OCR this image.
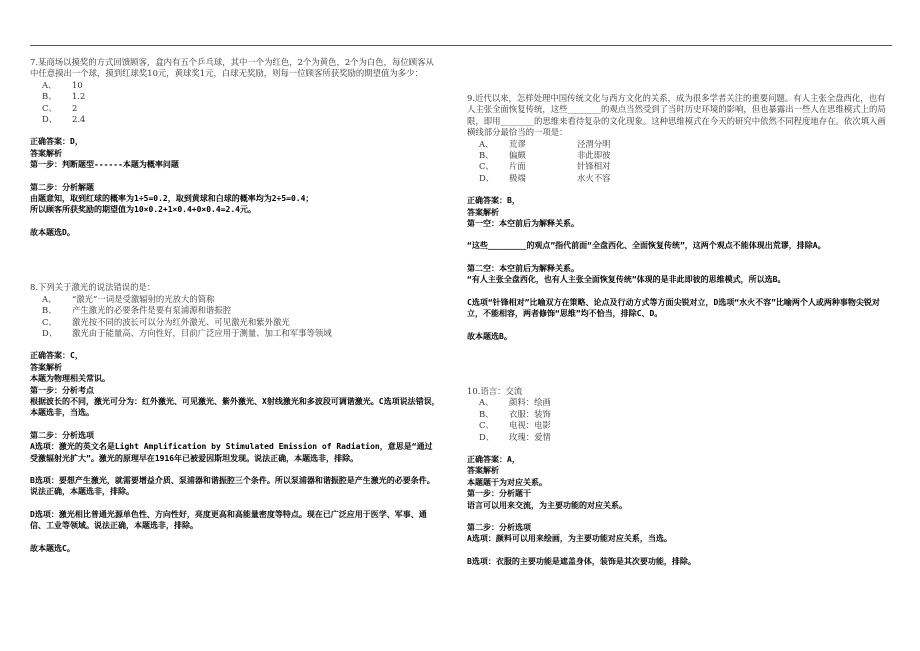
7.某商场以摸奖的方式回馈顾客，盒内有五个乒乓球，其中一个为红色，2个为黄色，2个为白色，每位顾客从中任意摸出一个球，摸到红球奖10元，黄球奖1元，白球无奖励，则每一位顾客所获奖励的期望值为多少：

A、	10
B、	1.2
C、	2
D、	2.4

正确答案：D，

答案解析

第一步：判断题型------本题为概率问题

第二步：分析解题

由题意知，取到红球的概率为1÷5=0.2，取到黄球和白球的概率均为2÷5=0.4；

所以顾客所获奖励的期望值为10×0.2+1×0.4+0×0.4=2.4元。

故本题选D。

8.下列关于激光的说法错误的是：

A、	“激光”一词是受激辐射的光放大的简称
B、	产生激光的必要条件是要有泵浦源和谐振腔
C、	激光按不同的波长可以分为红外激光、可见激光和紫外激光
D、	激光由于能量高、方向性好，目前广泛应用于测量、加工和军事等领域

正确答案：C，

答案解析

本题为物理相关常识。

第一步：分析考点

根据波长的不同，激光可分为：红外激光、可见激光、紫外激光、X射线激光和多波段可调谐激光。C选项说法错误，本题选非，当选。

第二步：分析选项

A选项：激光的英文名是Light Amplification by Stimulated Emission of Radiation，意思是“通过受激辐射光扩大”。激光的原理早在1916年已被爱因斯坦发现。说法正确，本题选非，排除。

B选项：要想产生激光，就需要增益介质、泵浦器和谐振腔三个条件。所以泵浦器和谐振腔是产生激光的必要条件。说法正确，本题选非，排除。

D选项：激光相比普通光源单色性、方向性好，亮度更高和高能量密度等特点。现在已广泛应用于医学、军事、通信、工业等领域。说法正确，本题选非，排除。

故本题选C。

9.近代以来，怎样处理中国传统文化与西方文化的关系，成为很多学者关注的重要问题。有人主张全盘西化，也有人主张全面恢复传统，这些________的观点当然受到了当时历史环境的影响，但也暴露出一些人在思维模式上的局限，即用________的思维来看待复杂的文化现象。这种思维模式在今天的研究中依然不同程度地存在。依次填入画横线部分最恰当的一项是：

A、	荒谬	泾渭分明
B、	偏颇	非此即彼
C、	片面	针锋相对
D、	极端	水火不容

正确答案：B，

答案解析

第一空：本空前后为解释关系。

“这些________的观点”指代前面“全盘西化、全面恢复传统”，这两个观点不能体现出荒谬，排除A。

第二空：本空前后为解释关系。

“有人主张全盘西化，也有人主张全面恢复传统”体现的是非此即彼的思维模式，所以选B。

C选项“针锋相对”比喻双方在策略、论点及行动方式等方面尖锐对立，D选项“水火不容”比喻两个人或两种事物尖锐对立，不能相容，两者修饰“思维”均不恰当，排除C、D。

故本题选B。

10.语言：交流

A、	颜料：绘画
B、	衣服：装饰
C、	电视：电影
D、	玫瑰：爱情

正确答案：A，

答案解析

本题题干为对应关系。

第一步：分析题干

语言可以用来交流，为主要功能的对应关系。

第二步：分析选项

A选项：颜料可以用来绘画，为主要功能对应关系，当选。

B选项：衣服的主要功能是遮盖身体，装饰是其次要功能，排除。
